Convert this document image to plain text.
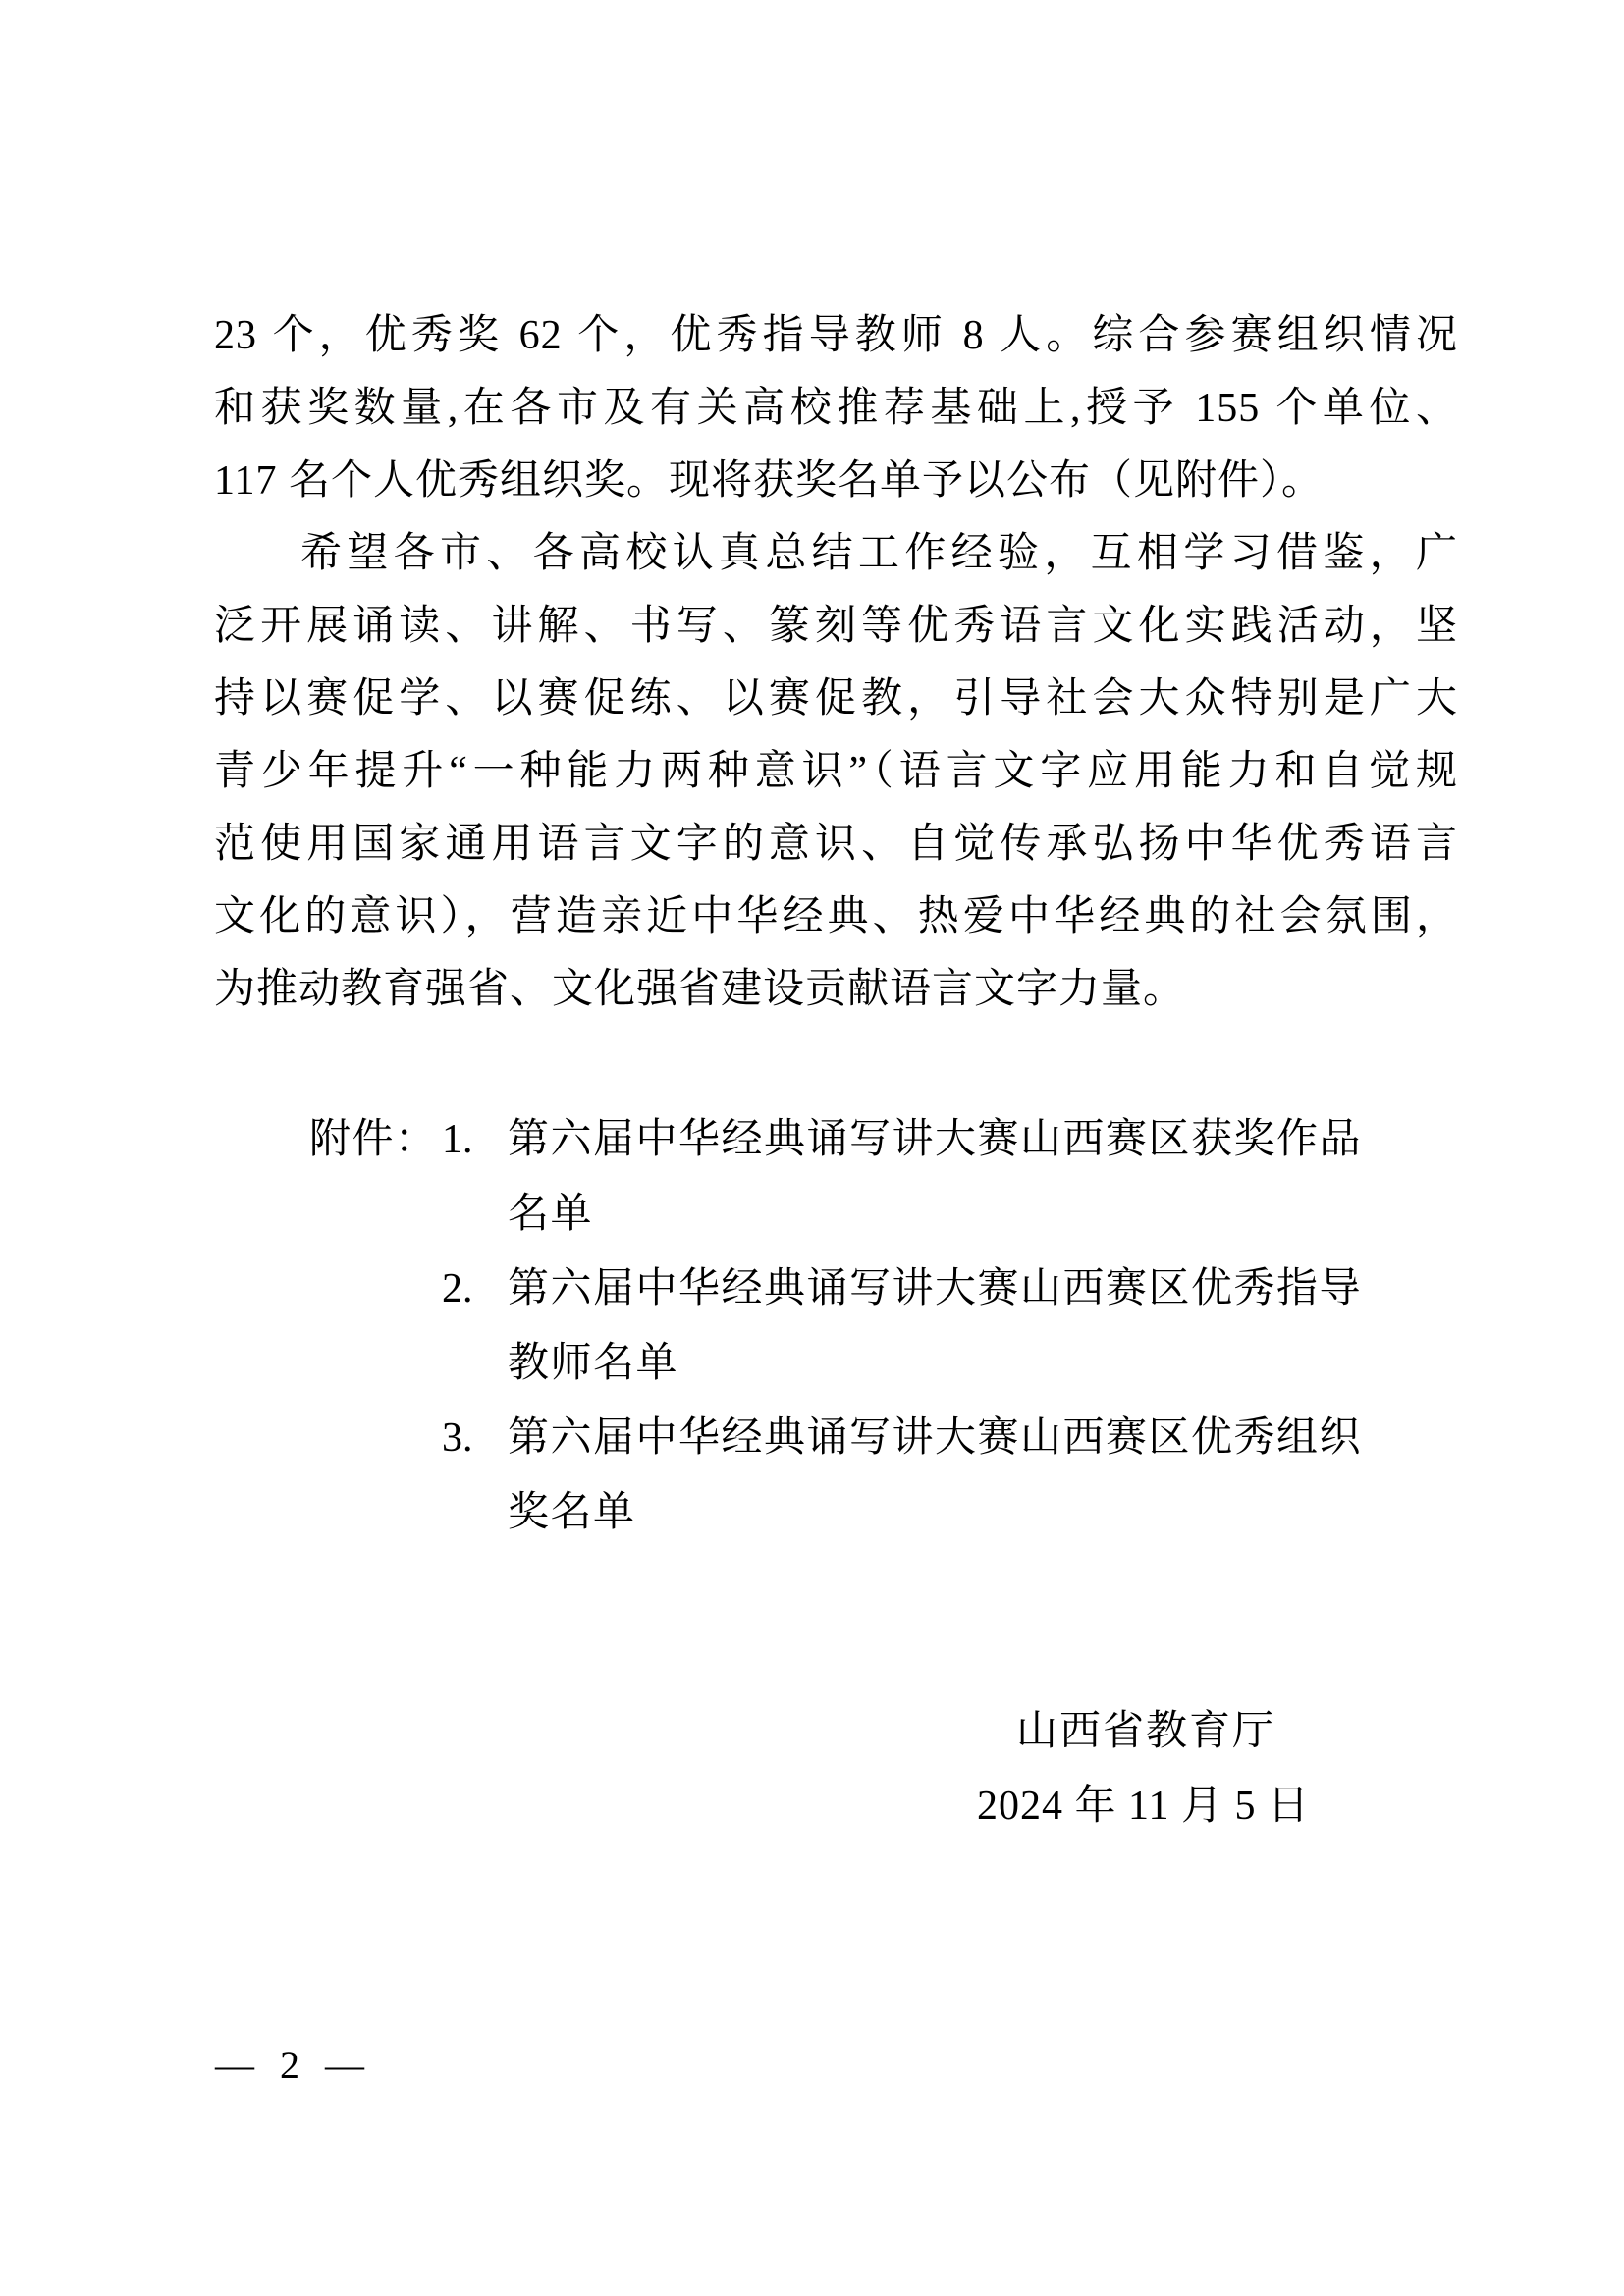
23 个，优秀奖 62 个，优秀指导教师 8 人。综合参赛组织情况
和获奖数量,在各市及有关高校推荐基础上,授予 155 个单位、
117 名个人优秀组织奖。现将获奖名单予以公布（见附件）。
希望各市、各高校认真总结工作经验，互相学习借鉴，广
泛开展诵读、讲解、书写、篆刻等优秀语言文化实践活动，坚
持以赛促学、以赛促练、以赛促教，引导社会大众特别是广大
青少年提升“一种能力两种意识”（语言文字应用能力和自觉规
范使用国家通用语言文字的意识、自觉传承弘扬中华优秀语言
文化的意识），营造亲近中华经典、热爱中华经典的社会氛围，
为推动教育强省、文化强省建设贡献语言文字力量。
附件： 1. 第六届中华经典诵写讲大赛山西赛区获奖作品
名单
2. 第六届中华经典诵写讲大赛山西赛区优秀指导
教师名单
3. 第六届中华经典诵写讲大赛山西赛区优秀组织
奖名单
山西省教育厅
2024 年 11 月 5 日
— 2 —
